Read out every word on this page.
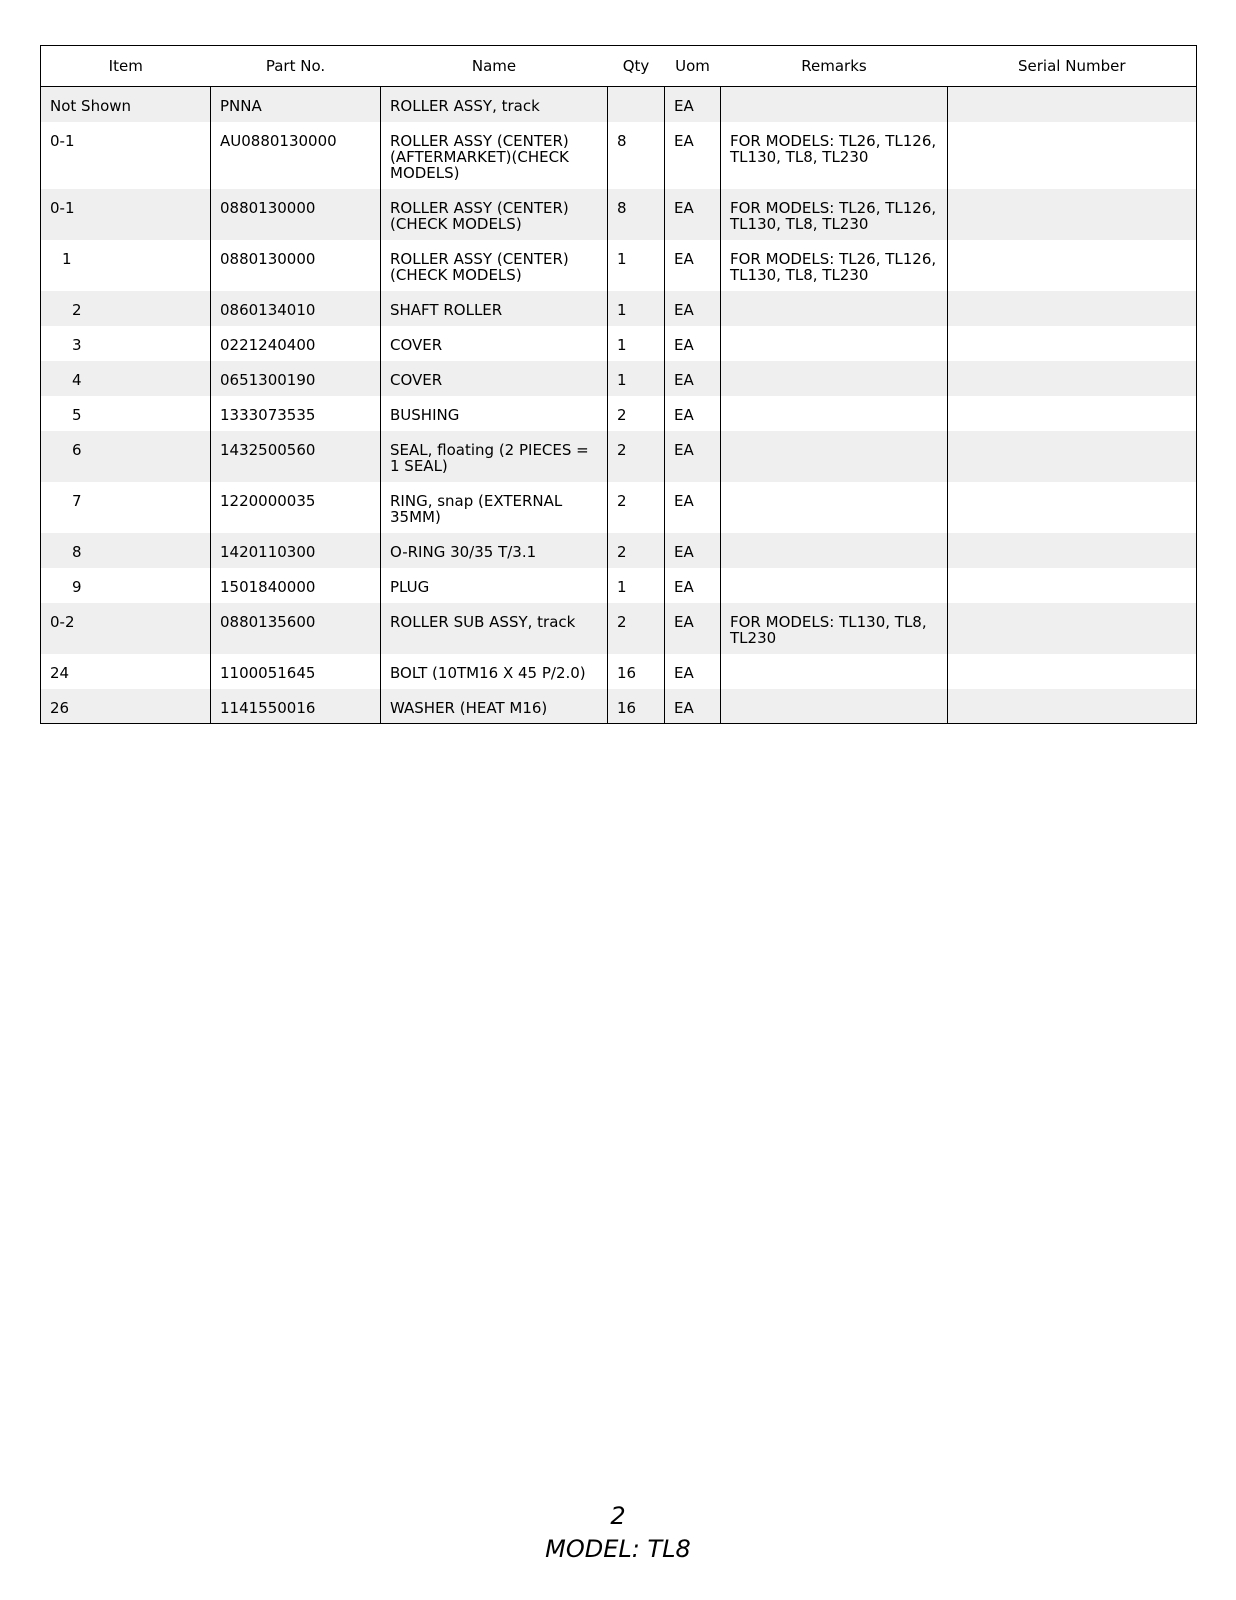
Item	Part No.	Name	Qty	Uom	Remarks	Serial Number
Not Shown	PNNA	ROLLER ASSY, track		EA		
0-1	AU0880130000	ROLLER ASSY (CENTER)(AFTERMARKET)(CHECK MODELS)	8	EA	FOR MODELS: TL26, TL126, TL130, TL8, TL230	
0-1	0880130000	ROLLER ASSY (CENTER) (CHECK MODELS)	8	EA	FOR MODELS: TL26, TL126, TL130, TL8, TL230	
1	0880130000	ROLLER ASSY (CENTER) (CHECK MODELS)	1	EA	FOR MODELS: TL26, TL126, TL130, TL8, TL230	
2	0860134010	SHAFT ROLLER	1	EA		
3	0221240400	COVER	1	EA		
4	0651300190	COVER	1	EA		
5	1333073535	BUSHING	2	EA		
6	1432500560	SEAL, floating (2 PIECES = 1 SEAL)	2	EA		
7	1220000035	RING, snap (EXTERNAL 35MM)	2	EA		
8	1420110300	O-RING 30/35 T/3.1	2	EA		
9	1501840000	PLUG	1	EA		
0-2	0880135600	ROLLER SUB ASSY, track	2	EA	FOR MODELS: TL130, TL8, TL230	
24	1100051645	BOLT (10TM16 X 45 P/2.0)	16	EA		
26	1141550016	WASHER (HEAT M16)	16	EA		
2
MODEL: TL8
